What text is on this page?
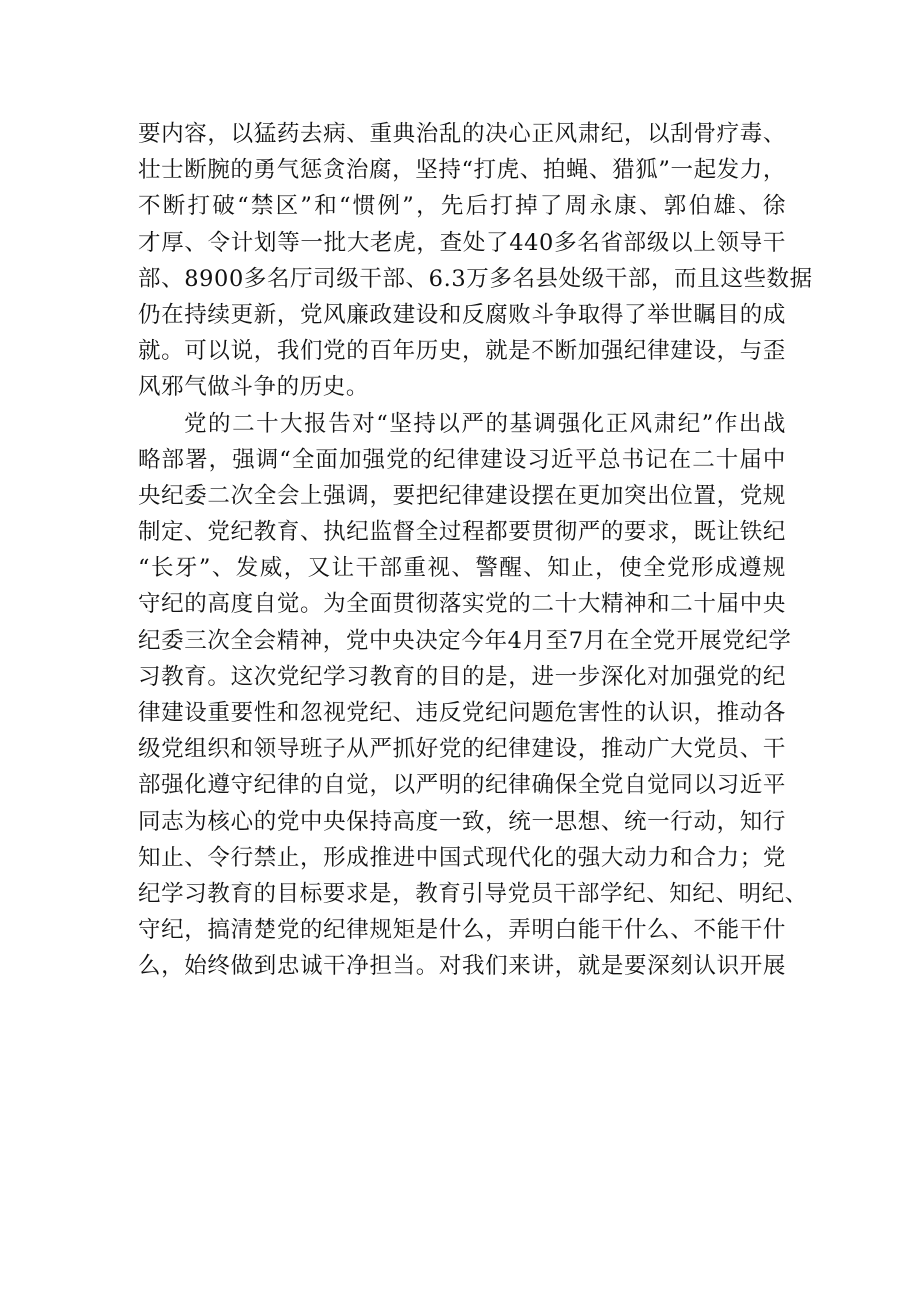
要内容，以猛药去病、重典治乱的决心正风肃纪，以刮骨疗毒、
壮士断腕的勇气惩贪治腐，坚持“打虎、拍蝇、猎狐”一起发力，
不断打破“禁区”和“惯例”，先后打掉了周永康、郭伯雄、徐
才厚、令计划等一批大老虎，查处了440多名省部级以上领导干
部、8900多名厅司级干部、6.3万多名县处级干部，而且这些数据
仍在持续更新，党风廉政建设和反腐败斗争取得了举世瞩目的成
就。可以说，我们党的百年历史，就是不断加强纪律建设，与歪
风邪气做斗争的历史。
党的二十大报告对“坚持以严的基调强化正风肃纪”作出战
略部署，强调“全面加强党的纪律建设习近平总书记在二十届中
央纪委二次全会上强调，要把纪律建设摆在更加突出位置，党规
制定、党纪教育、执纪监督全过程都要贯彻严的要求，既让铁纪
“长牙”、发威，又让干部重视、警醒、知止，使全党形成遵规
守纪的高度自觉。为全面贯彻落实党的二十大精神和二十届中央
纪委三次全会精神，党中央决定今年4月至7月在全党开展党纪学
习教育。这次党纪学习教育的目的是，进一步深化对加强党的纪
律建设重要性和忽视党纪、违反党纪问题危害性的认识，推动各
级党组织和领导班子从严抓好党的纪律建设，推动广大党员、干
部强化遵守纪律的自觉，以严明的纪律确保全党自觉同以习近平
同志为核心的党中央保持高度一致，统一思想、统一行动，知行
知止、令行禁止，形成推进中国式现代化的强大动力和合力；党
纪学习教育的目标要求是，教育引导党员干部学纪、知纪、明纪、
守纪，搞清楚党的纪律规矩是什么，弄明白能干什么、不能干什
么，始终做到忠诚干净担当。对我们来讲，就是要深刻认识开展
